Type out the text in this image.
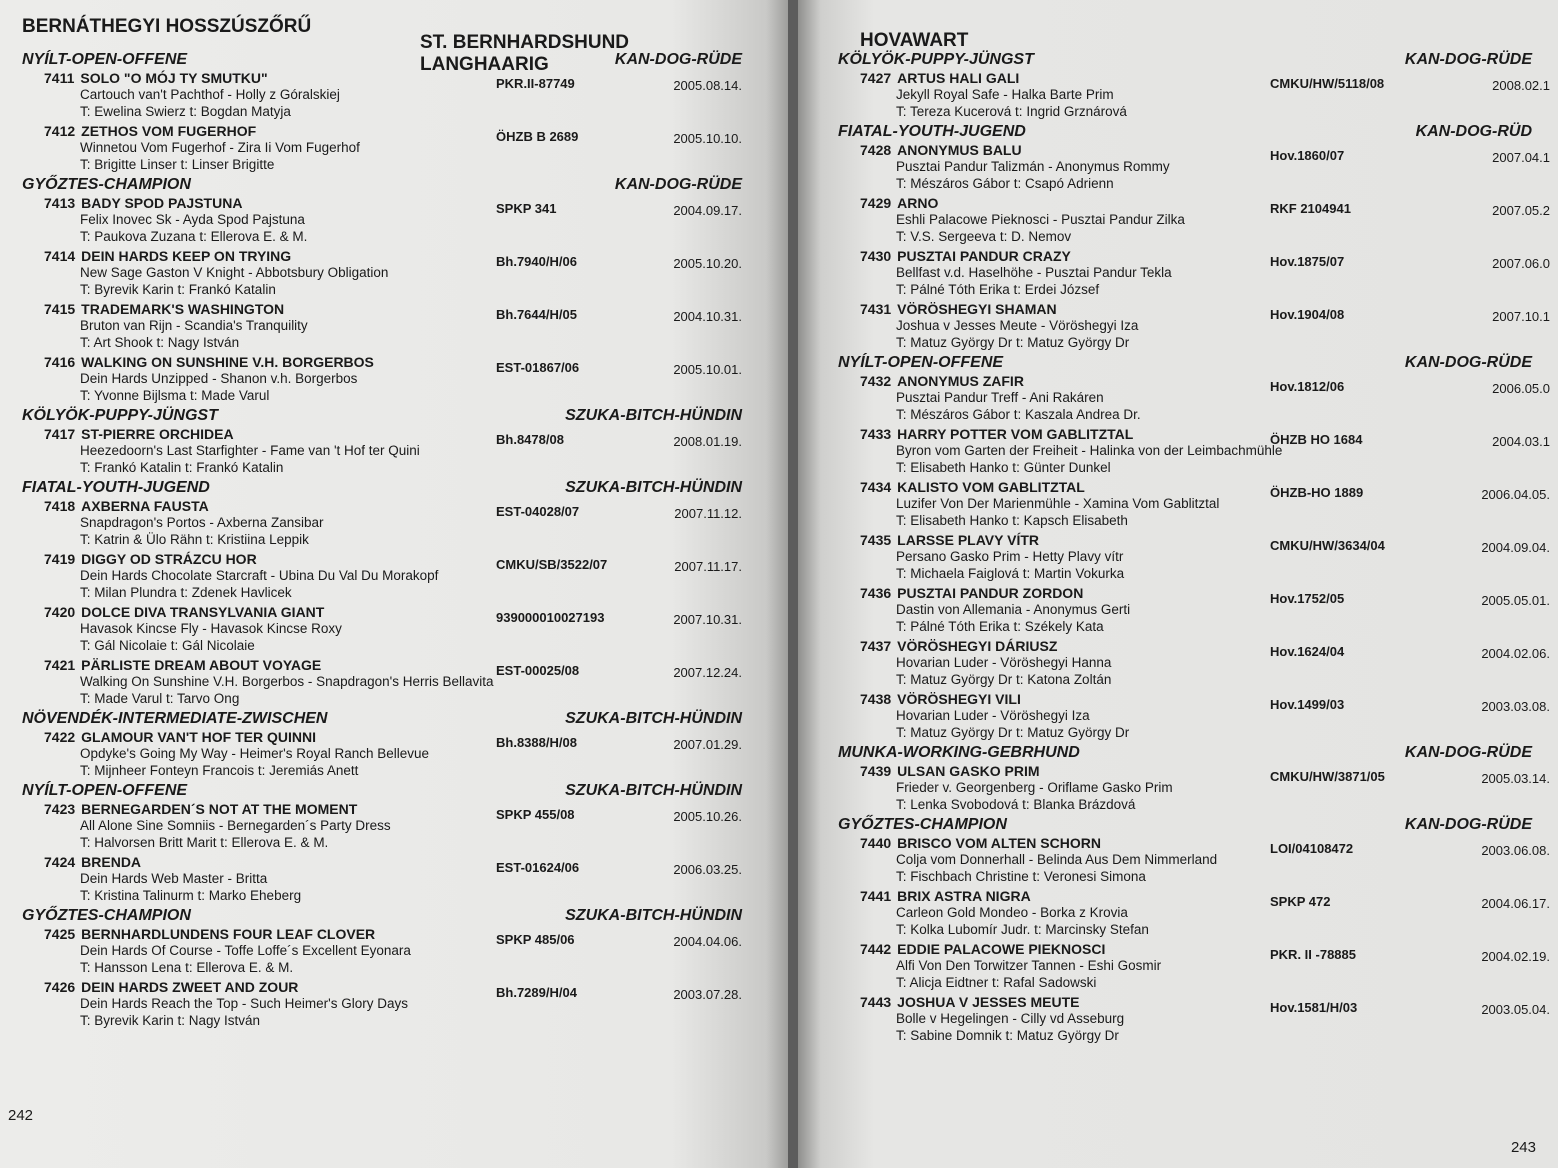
BERNÁTHEGYI HOSSZÚSZŐRŰ
ST. BERNHARDSHUND LANGHAARIG
NYÍLT-OPEN-OFFENE	KAN-DOG-RÜDE
7411 SOLO "O MÓJ TY SMUTKU"
Cartouch van't Pachthof - Holly z Góralskiej
T: Ewelina Swierz t: Bogdan Matyja
PKR.II-87749	2005.08.14.
7412 ZETHOS VOM FUGERHOF
Winnetou Vom Fugerhof - Zira Ii Vom Fugerhof
T: Brigitte Linser t: Linser Brigitte
ÖHZB B 2689	2005.10.10.
GYŐZTES-CHAMPION	KAN-DOG-RÜDE
7413 BADY SPOD PAJSTUNA
Felix Inovec Sk - Ayda Spod Pajstuna
T: Paukova Zuzana t: Ellerova E. & M.
SPKP 341	2004.09.17.
7414 DEIN HARDS KEEP ON TRYING
New Sage Gaston V Knight - Abbotsbury Obligation
T: Byrevik Karin t: Frankó Katalin
Bh.7940/H/06	2005.10.20.
7415 TRADEMARK'S WASHINGTON
Bruton van Rijn - Scandia's Tranquility
T: Art Shook t: Nagy István
Bh.7644/H/05	2004.10.31.
7416 WALKING ON SUNSHINE V.H. BORGERBOS
Dein Hards Unzipped - Shanon v.h. Borgerbos
T: Yvonne Bijlsma t: Made Varul
EST-01867/06	2005.10.01.
KÖLYÖK-PUPPY-JÜNGST	SZUKA-BITCH-HÜNDIN
7417 ST-PIERRE ORCHIDEA
Heezedoorn's Last Starfighter - Fame van 't Hof ter Quini
T: Frankó Katalin t: Frankó Katalin
Bh.8478/08	2008.01.19.
FIATAL-YOUTH-JUGEND	SZUKA-BITCH-HÜNDIN
7418 AXBERNA FAUSTA
Snapdragon's Portos - Axberna Zansibar
T: Katrin & Ülo Rähn t: Kristiina Leppik
EST-04028/07	2007.11.12.
7419 DIGGY OD STRÁZCU HOR
Dein Hards Chocolate Starcraft - Ubina Du Val Du Morakopf
T: Milan Plundra t: Zdenek Havlicek
CMKU/SB/3522/07	2007.11.17.
7420 DOLCE DIVA TRANSYLVANIA GIANT
Havasok Kincse Fly - Havasok Kincse Roxy
T: Gál Nicolaie t: Gál Nicolaie
939000010027193	2007.10.31.
7421 PÄRLISTE DREAM ABOUT VOYAGE
Walking On Sunshine V.H. Borgerbos - Snapdragon's Herris Bellavita
T: Made Varul t: Tarvo Ong
EST-00025/08	2007.12.24.
NÖVENDÉK-INTERMEDIATE-ZWISCHEN	SZUKA-BITCH-HÜNDIN
7422 GLAMOUR VAN'T HOF TER QUINNI
Opdyke's Going My Way - Heimer's Royal Ranch Bellevue
T: Mijnheer Fonteyn Francois t: Jeremiás Anett
Bh.8388/H/08	2007.01.29.
NYÍLT-OPEN-OFFENE	SZUKA-BITCH-HÜNDIN
7423 BERNEGARDEN´S NOT AT THE MOMENT
All Alone Sine Somniis - Bernegarden´s Party Dress
T: Halvorsen Britt Marit t: Ellerova E. & M.
SPKP 455/08	2005.10.26.
7424 BRENDA
Dein Hards Web Master - Britta
T: Kristina Talinurm t: Marko Eheberg
EST-01624/06	2006.03.25.
GYŐZTES-CHAMPION	SZUKA-BITCH-HÜNDIN
7425 BERNHARDLUNDENS FOUR LEAF CLOVER
Dein Hards Of Course - Toffe Loffe´s Excellent Eyonara
T: Hansson Lena t: Ellerova E. & M.
SPKP 485/06	2004.04.06.
7426 DEIN HARDS ZWEET AND ZOUR
Dein Hards Reach the Top - Such Heimer's Glory Days
T: Byrevik Karin t: Nagy István
Bh.7289/H/04	2003.07.28.
242
HOVAWART
KÖLYÖK-PUPPY-JÜNGST	KAN-DOG-RÜDE
7427 ARTUS HALI GALI
Jekyll Royal Safe - Halka Barte Prim
T: Tereza Kucerová t: Ingrid Grznárová
CMKU/HW/5118/08	2008.02.1
FIATAL-YOUTH-JUGEND	KAN-DOG-RÜD
7428 ANONYMUS BALU
Pusztai Pandur Talizmán - Anonymus Rommy
T: Mészáros Gábor t: Csapó Adrienn
Hov.1860/07	2007.04.1
7429 ARNO
Eshli Palacowe Pieknosci - Pusztai Pandur Zilka
T: V.S. Sergeeva t: D. Nemov
RKF 2104941	2007.05.2
7430 PUSZTAI PANDUR CRAZY
Bellfast v.d. Haselhöhe - Pusztai Pandur Tekla
T: Pálné Tóth Erika t: Erdei József
Hov.1875/07	2007.06.0
7431 VÖRÖSHEGYI SHAMAN
Joshua v Jesses Meute - Vöröshegyi Iza
T: Matuz György Dr t: Matuz György Dr
Hov.1904/08	2007.10.1
NYÍLT-OPEN-OFFENE	KAN-DOG-RÜDE
7432 ANONYMUS ZAFIR
Pusztai Pandur Treff - Ani Rakáren
T: Mészáros Gábor t: Kaszala Andrea Dr.
Hov.1812/06	2006.05.0
7433 HARRY POTTER VOM GABLITZTAL
Byron vom Garten der Freiheit - Halinka von der Leimbachmühle
T: Elisabeth Hanko t: Günter Dunkel
ÖHZB HO 1684	2004.03.1
7434 KALISTO VOM GABLITZTAL
Luzifer Von Der Marienmühle - Xamina Vom Gablitztal
T: Elisabeth Hanko t: Kapsch Elisabeth
ÖHZB-HO 1889	2006.04.05.
7435 LARSSE PLAVY VÍTR
Persano Gasko Prim - Hetty Plavy vítr
T: Michaela Faiglová t: Martin Vokurka
CMKU/HW/3634/04	2004.09.04.
7436 PUSZTAI PANDUR ZORDON
Dastin von Allemania - Anonymus Gerti
T: Pálné Tóth Erika t: Székely Kata
Hov.1752/05	2005.05.01.
7437 VÖRÖSHEGYI DÁRIUSZ
Hovarian Luder - Vöröshegyi Hanna
T: Matuz György Dr t: Katona Zoltán
Hov.1624/04	2004.02.06.
7438 VÖRÖSHEGYI VILI
Hovarian Luder - Vöröshegyi Iza
T: Matuz György Dr t: Matuz György Dr
Hov.1499/03	2003.03.08.
MUNKA-WORKING-GEBRHUND	KAN-DOG-RÜDE
7439 ULSAN GASKO PRIM
Frieder v. Georgenberg - Oriflame Gasko Prim
T: Lenka Svobodová t: Blanka Brázdová
CMKU/HW/3871/05	2005.03.14.
GYŐZTES-CHAMPION	KAN-DOG-RÜDE
7440 BRISCO VOM ALTEN SCHORN
Colja vom Donnerhall - Belinda Aus Dem Nimmerland
T: Fischbach Christine t: Veronesi Simona
LOI/04108472	2003.06.08.
7441 BRIX ASTRA NIGRA
Carleon Gold Mondeo - Borka z Krovia
T: Kolka Lubomír Judr. t: Marcinsky Stefan
SPKP 472	2004.06.17.
7442 EDDIE PALACOWE PIEKNOSCI
Alfi Von Den Torwitzer Tannen - Eshi Gosmir
T: Alicja Eidtner t: Rafal Sadowski
PKR. II -78885	2004.02.19.
7443 JOSHUA V JESSES MEUTE
Bolle v Hegelingen - Cilly vd Asseburg
T: Sabine Domnik t: Matuz György Dr
Hov.1581/H/03	2003.05.04.
243
